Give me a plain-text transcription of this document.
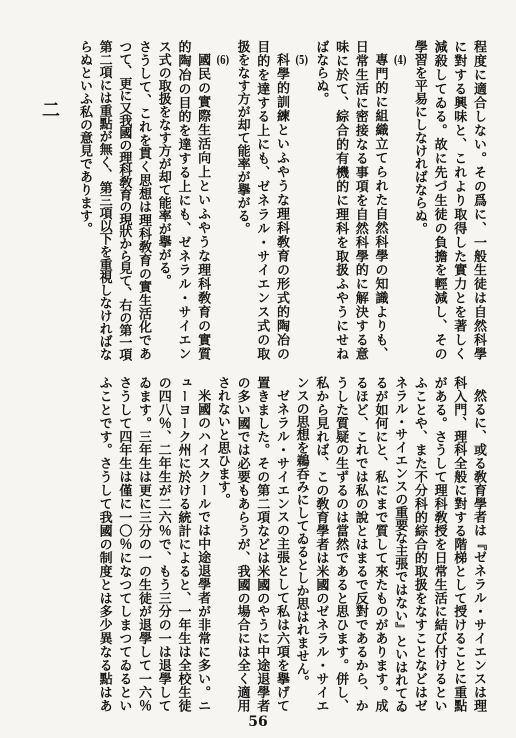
程度に適合しない。その爲に、一般生徒は自然科學
に對する興味と、これより取得した實力とを著しく
減殺してゐる。故に先づ生徒の負擔を輕減し、その
學習を平易にしなければならぬ。
(4)
專門的に組織立てられた自然科學の知識よりも、
日常生活に密接なる事項を自然科學的に解決する意
味に於て、綜合的有機的に理科を取扱ふやうにせね
ばならぬ。
(5)
科學的訓練といふやうな理科敎育の形式的陶冶の
目的を達する上にも、ゼネラル・サイエンス式の取
扱をなす方が却て能率が擧がる。
(6)
國民の實際生活向上といふやうな理科敎育の實質
的陶冶の目的を達する上にも、ゼネラル・サイエン
ス式の取扱をなす方が却て能率が擧がる。
さうして、これを貫く思想は理科敎育の實生活化であ
つて、更に又我國の理科敎育の現狀から見て、右の第一項
第二項には重點が無く、第三項以下を重視しなければな
らぬといふ私の意見であります。
二
然るに、或る敎育學者は『ゼネラル・サイエンスは理
科入門、理科全般に對する階梯として授けることに重點
がある。さうして理科敎授を日常生活に結び付けるとい
ふことや、また不分科的綜合的取扱をなすことなどはゼ
ネラル・サイエンスの重要な主張ではない』といはれてゐ
るが如何にと、私にまで質して來たものがあります。成
るほど、これでは私の說とはまるで反對であるから、か
うした質疑の生ずるのは當然であると思ひます。併し、
私から見れば、この敎育學者は米國のゼネラル・サイエ
ンスの思想を鵜呑みにしてゐるとしか思はれません。
ゼネラル・サイエンスの主張として私は六項を擧げて
置きました。その第二項などは米國のやうに中途退學者
の多い國では必要もあらうが、我國の場合には全く適用
されないと思ひます。
米國のハイスクールでは中途退學者が非常に多い。ニ
ューヨーク州に於ける統計によると、一年生は全校生徒
の四八％、二年生が二六％で、もう三分の一は退學して
ゐます。三年生は更に三分の一の生徒が退學して一六％
さうして四年生は僅に一〇％になつてしまつてゐるとい
ふことです。さうして我國の制度とは多少異なる點はあ
56
